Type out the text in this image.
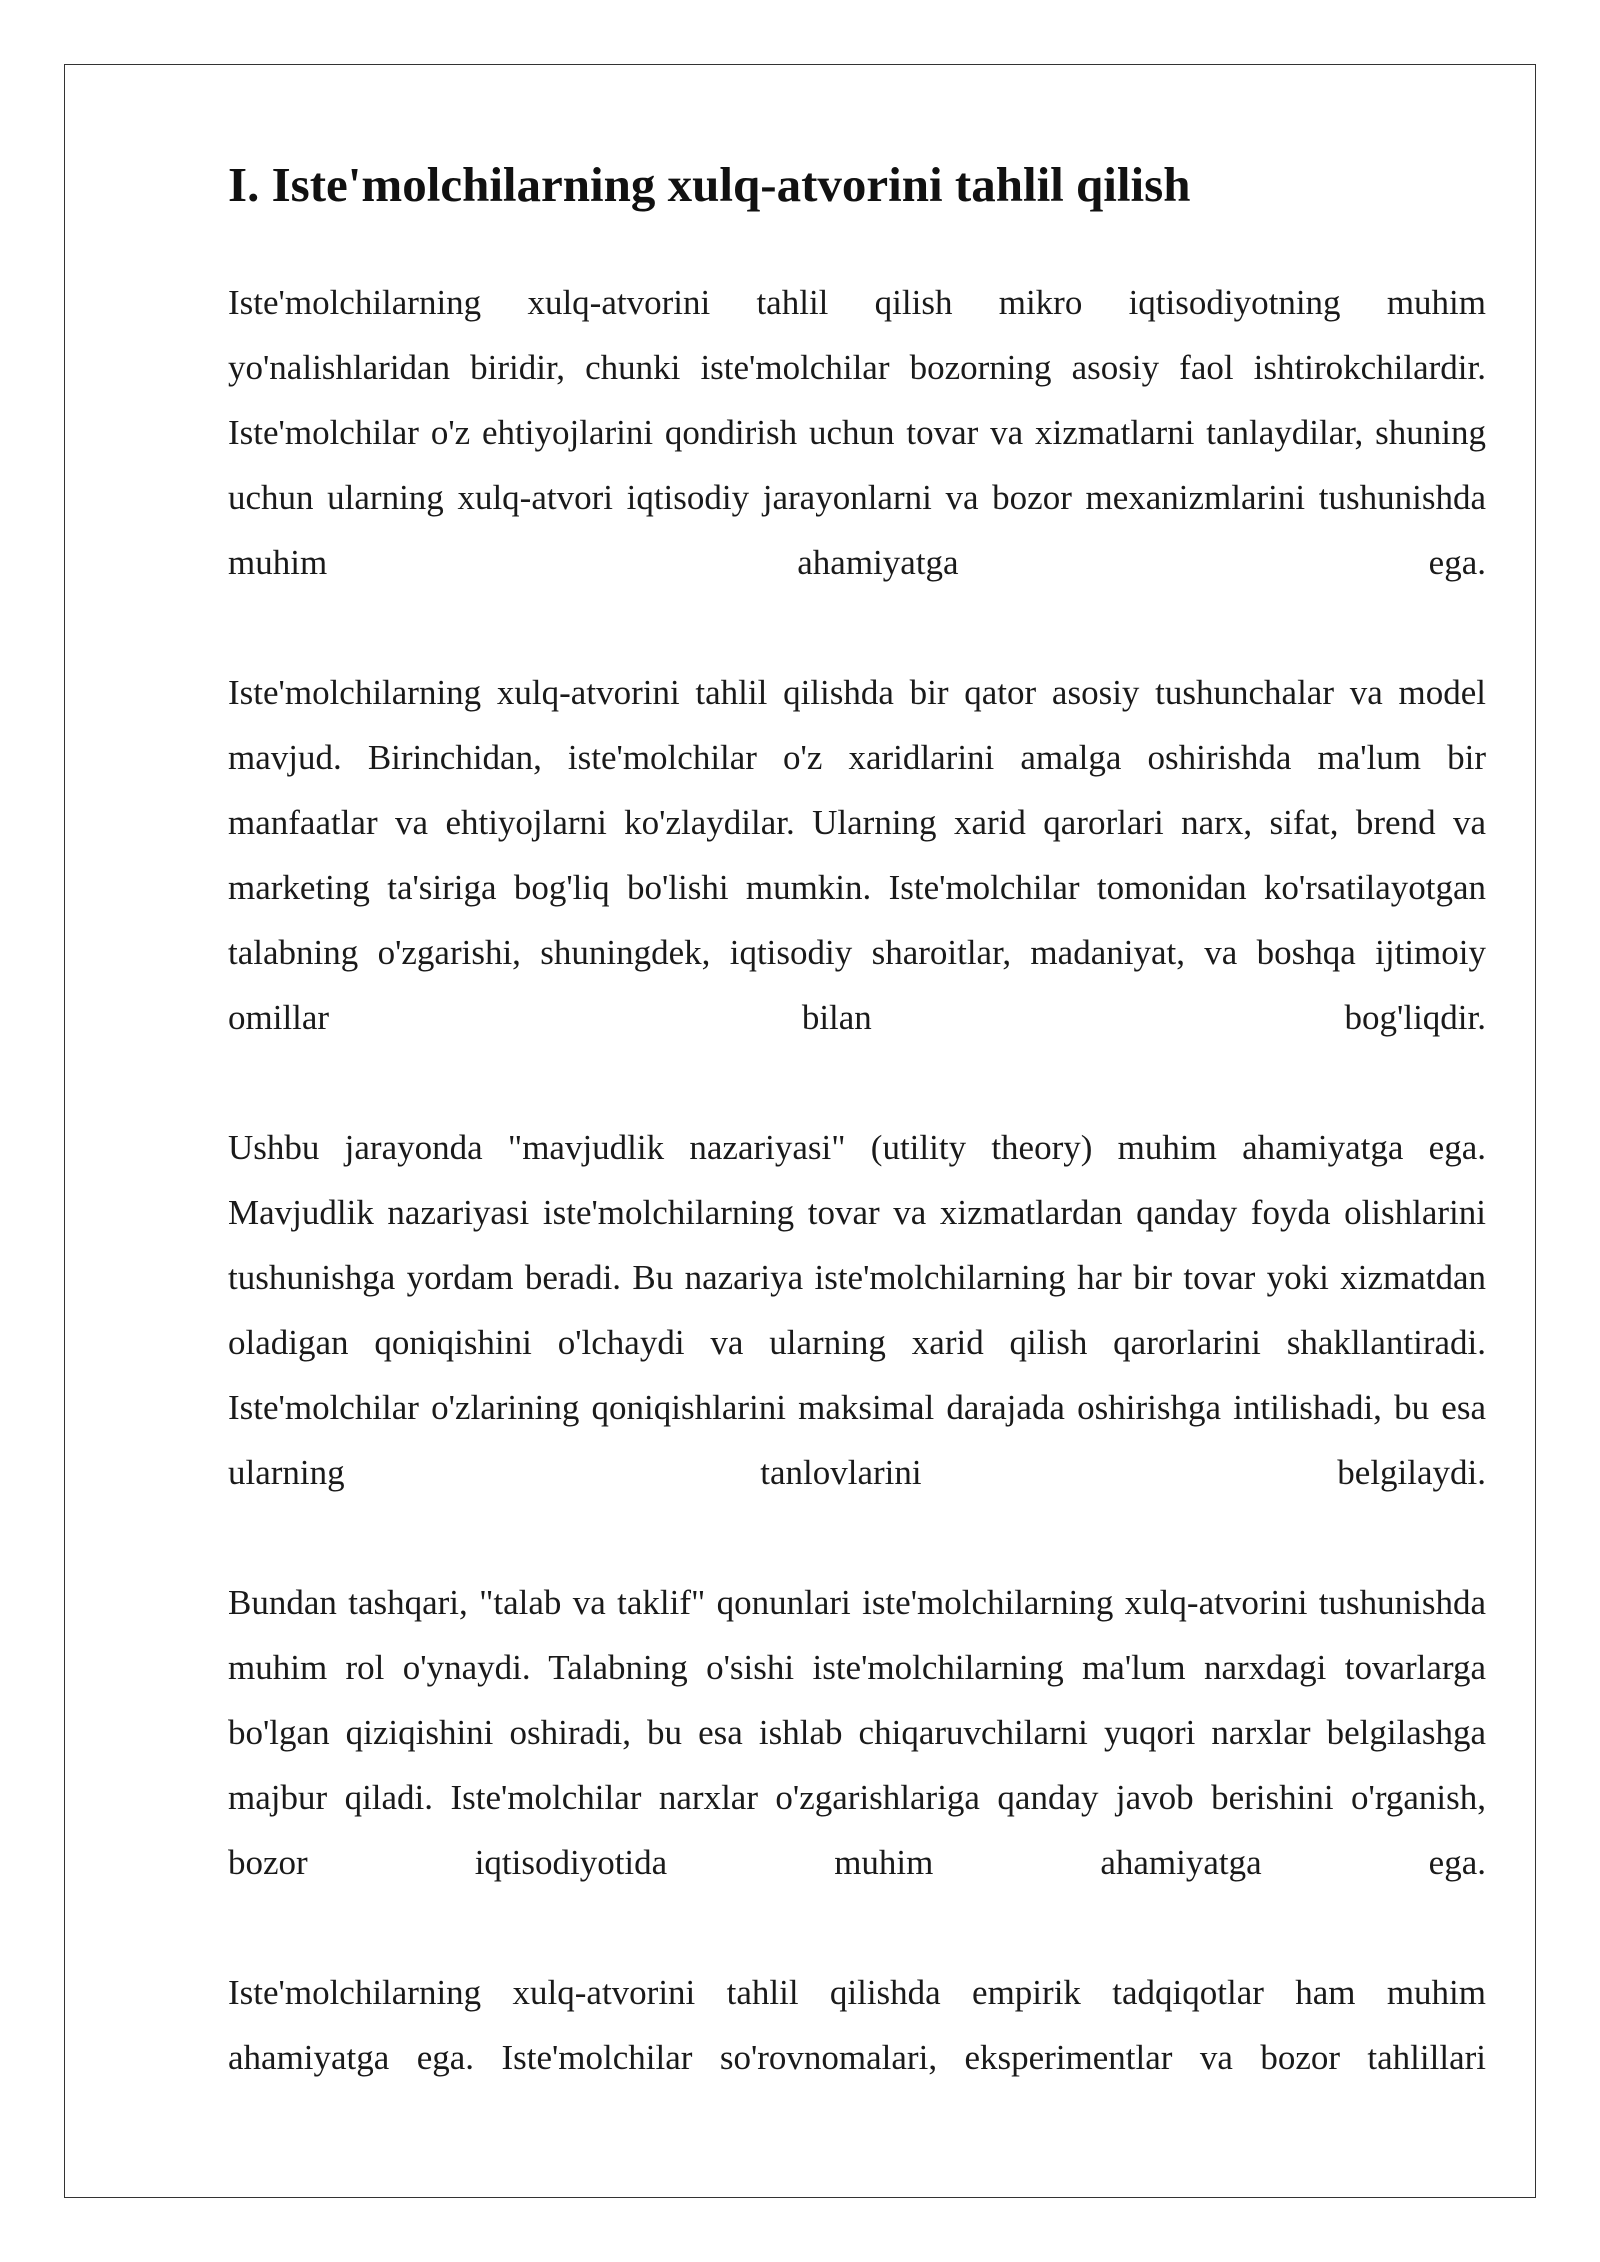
I. Iste'molchilarning xulq-atvorini tahlil qilish

Iste'molchilarning xulq-atvorini tahlil qilish mikro iqtisodiyotning muhim yo'nalishlaridan biridir, chunki iste'molchilar bozorning asosiy faol ishtirokchilardir. Iste'molchilar o'z ehtiyojlarini qondirish uchun tovar va xizmatlarni tanlaydilar, shuning uchun ularning xulq-atvori iqtisodiy jarayonlarni va bozor mexanizmlarini tushunishda muhim ahamiyatga ega.

Iste'molchilarning xulq-atvorini tahlil qilishda bir qator asosiy tushunchalar va model mavjud. Birinchidan, iste'molchilar o'z xaridlarini amalga oshirishda ma'lum bir manfaatlar va ehtiyojlarni ko'zlaydilar. Ularning xarid qarorlari narx, sifat, brend va marketing ta'siriga bog'liq bo'lishi mumkin. Iste'molchilar tomonidan ko'rsatilayotgan talabning o'zgarishi, shuningdek, iqtisodiy sharoitlar, madaniyat, va boshqa ijtimoiy omillar bilan bog'liqdir.

Ushbu jarayonda "mavjudlik nazariyasi" (utility theory) muhim ahamiyatga ega. Mavjudlik nazariyasi iste'molchilarning tovar va xizmatlardan qanday foyda olishlarini tushunishga yordam beradi. Bu nazariya iste'molchilarning har bir tovar yoki xizmatdan oladigan qoniqishini o'lchaydi va ularning xarid qilish qarorlarini shakllantiradi. Iste'molchilar o'zlarining qoniqishlarini maksimal darajada oshirishga intilishadi, bu esa ularning tanlovlarini belgilaydi.

Bundan tashqari, "talab va taklif" qonunlari iste'molchilarning xulq-atvorini tushunishda muhim rol o'ynaydi. Talabning o'sishi iste'molchilarning ma'lum narxdagi tovarlarga bo'lgan qiziqishini oshiradi, bu esa ishlab chiqaruvchilarni yuqori narxlar belgilashga majbur qiladi. Iste'molchilar narxlar o'zgarishlariga qanday javob berishini o'rganish, bozor iqtisodiyotida muhim ahamiyatga ega.

Iste'molchilarning xulq-atvorini tahlil qilishda empirik tadqiqotlar ham muhim ahamiyatga ega. Iste'molchilar so'rovnomalari, eksperimentlar va bozor tahlillari
